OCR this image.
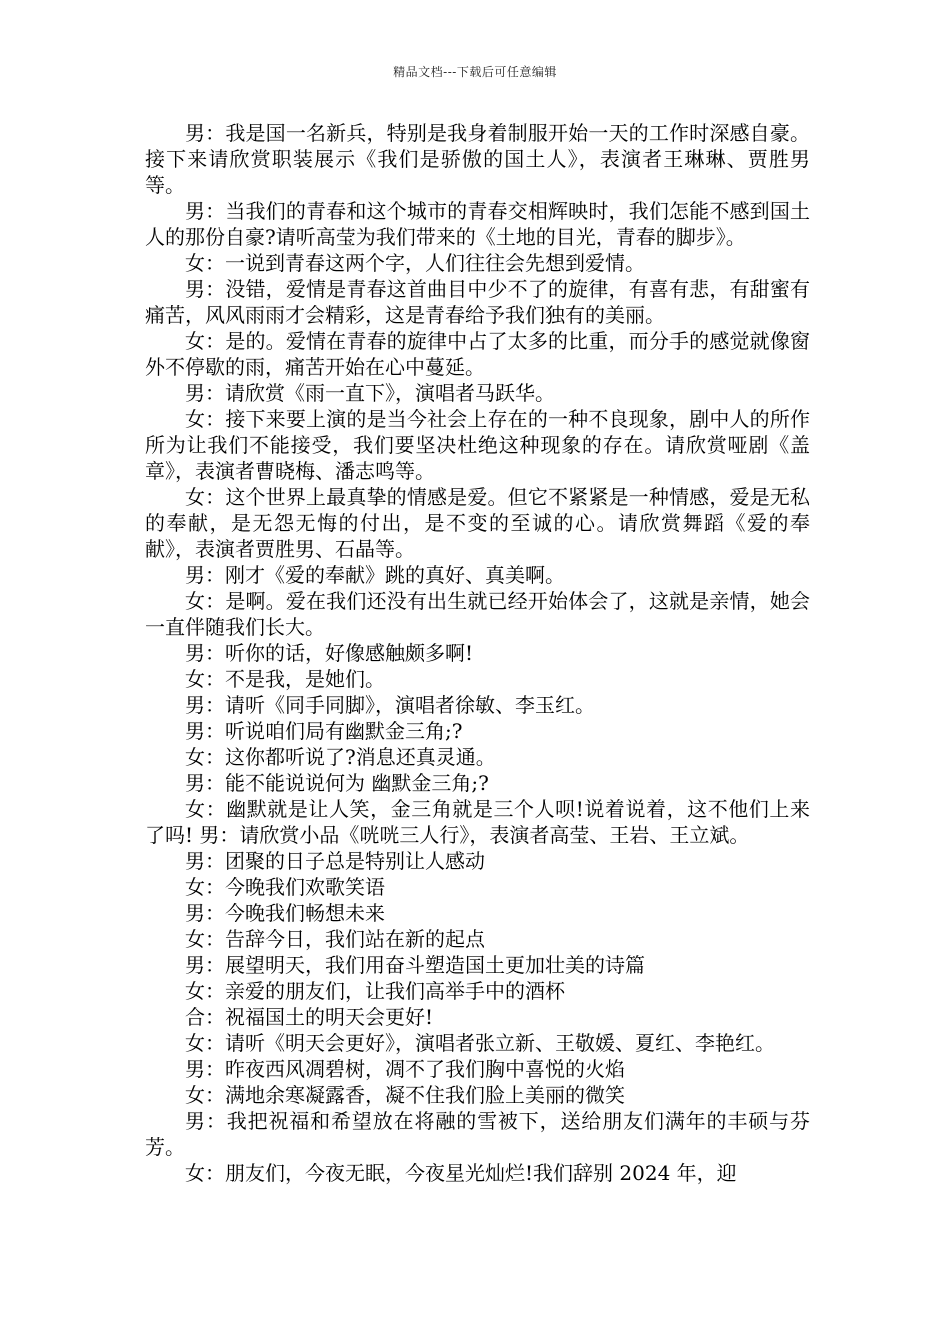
精品文档---下载后可任意编辑

男：我是国一名新兵，特别是我身着制服开始一天的工作时深感自豪。接下来请欣赏职装展示《我们是骄傲的国土人》，表演者王琳琳、贾胜男等。

男：当我们的青春和这个城市的青春交相辉映时，我们怎能不感到国土人的那份自豪?请听高莹为我们带来的《土地的目光，青春的脚步》。

女：一说到青春这两个字，人们往往会先想到爱情。

男：没错，爱情是青春这首曲目中少不了的旋律，有喜有悲，有甜蜜有痛苦，风风雨雨才会精彩，这是青春给予我们独有的美丽。

女：是的。爱情在青春的旋律中占了太多的比重，而分手的感觉就像窗外不停歇的雨，痛苦开始在心中蔓延。

男：请欣赏《雨一直下》，演唱者马跃华。

女：接下来要上演的是当今社会上存在的一种不良现象，剧中人的所作所为让我们不能接受，我们要坚决杜绝这种现象的存在。请欣赏哑剧《盖章》，表演者曹晓梅、潘志鸣等。

女：这个世界上最真挚的情感是爱。但它不紧紧是一种情感，爱是无私的奉献，是无怨无悔的付出，是不变的至诚的心。请欣赏舞蹈《爱的奉献》，表演者贾胜男、石晶等。

男：刚才《爱的奉献》跳的真好、真美啊。

女：是啊。爱在我们还没有出生就已经开始体会了，这就是亲情，她会一直伴随我们长大。

男：听你的话，好像感触颇多啊!

女：不是我，是她们。

男：请听《同手同脚》，演唱者徐敏、李玉红。

男：听说咱们局有幽默金三角;?

女：这你都听说了?消息还真灵通。

男：能不能说说何为 幽默金三角;?

女：幽默就是让人笑，金三角就是三个人呗!说着说着，这不他们上来了吗! 男：请欣赏小品《咣咣三人行》，表演者高莹、王岩、王立斌。

男：团聚的日子总是特别让人感动

女：今晚我们欢歌笑语

男：今晚我们畅想未来

女：告辞今日，我们站在新的起点

男：展望明天，我们用奋斗塑造国土更加壮美的诗篇

女：亲爱的朋友们，让我们高举手中的酒杯

合：祝福国土的明天会更好!

女：请听《明天会更好》，演唱者张立新、王敬媛、夏红、李艳红。

男：昨夜西风凋碧树，凋不了我们胸中喜悦的火焰

女：满地余寒凝露香，凝不住我们脸上美丽的微笑

男：我把祝福和希望放在将融的雪被下，送给朋友们满年的丰硕与芬芳。

女：朋友们，今夜无眠，今夜星光灿烂!我们辞别 2024 年，迎
